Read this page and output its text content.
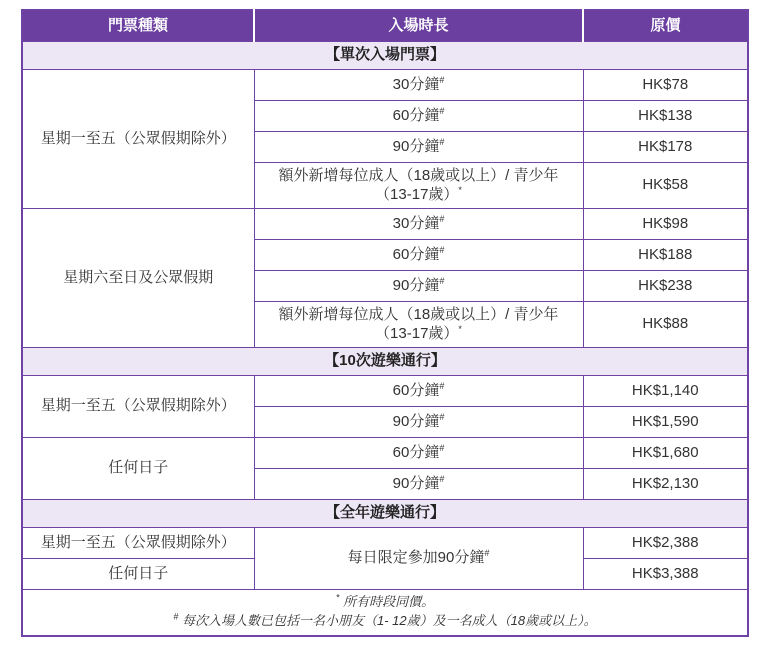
門票種類	入場時長	原價
【單次入場門票】		
星期一至五（公眾假期除外）	30分鐘#	HK$78
	60分鐘#	HK$138
	90分鐘#	HK$178
	額外新增每位成人（18歲或以上）/ 青少年（13-17歲）*	HK$58
星期六至日及公眾假期	30分鐘#	HK$98
	60分鐘#	HK$188
	90分鐘#	HK$238
	額外新增每位成人（18歲或以上）/ 青少年（13-17歲）*	HK$88
【10次遊樂通行】		
星期一至五（公眾假期除外）	60分鐘#	HK$1,140
	90分鐘#	HK$1,590
任何日子	60分鐘#	HK$1,680
	90分鐘#	HK$2,130
【全年遊樂通行】		
星期一至五（公眾假期除外）	每日限定參加90分鐘#	HK$2,388
任何日子		HK$3,388

* 所有時段同價。
# 每次入場人數已包括一名小朋友（1- 12歲）及一名成人（18歲或以上）。		
